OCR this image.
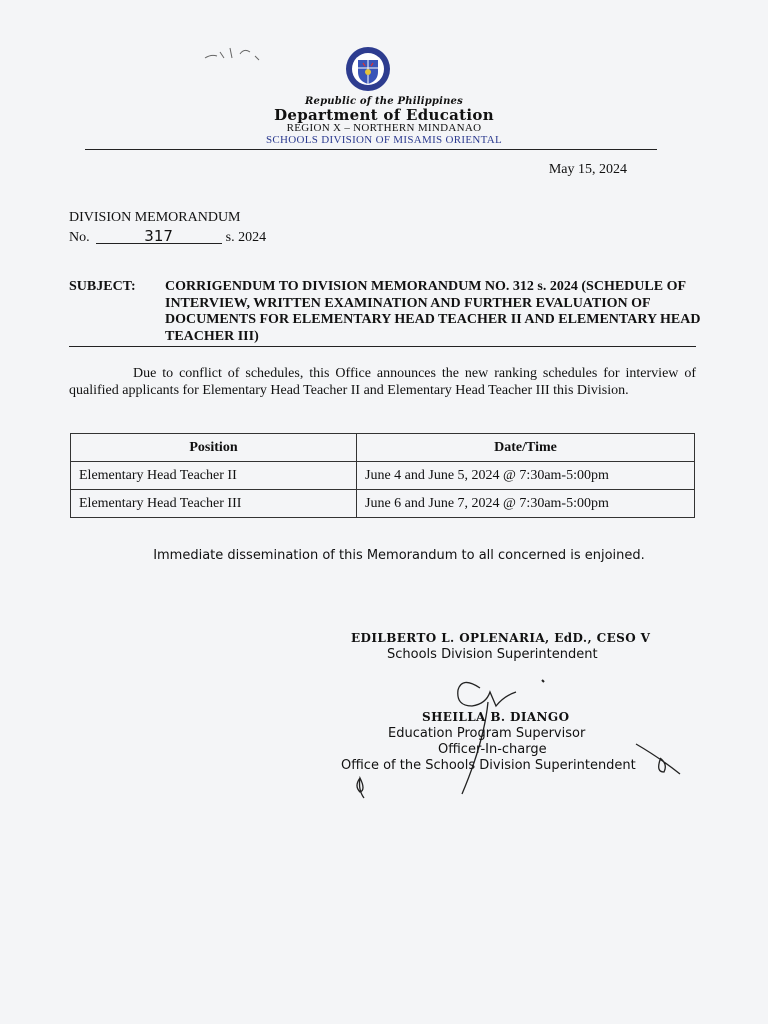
Republic of the Philippines
Department of Education
REGION X – NORTHERN MINDANAO
SCHOOLS DIVISION OF MISAMIS ORIENTAL
May 15, 2024
DIVISION MEMORANDUM
No.	317	s. 2024
SUBJECT: CORRIGENDUM TO DIVISION MEMORANDUM NO. 312 s. 2024 (SCHEDULE OF INTERVIEW, WRITTEN EXAMINATION AND FURTHER EVALUATION OF DOCUMENTS FOR ELEMENTARY HEAD TEACHER II AND ELEMENTARY HEAD TEACHER III)
Due to conflict of schedules, this Office announces the new ranking schedules for interview of qualified applicants for Elementary Head Teacher II and Elementary Head Teacher III this Division.
Position	Date/Time
Elementary Head Teacher II	June 4 and June 5, 2024 @ 7:30am-5:00pm
Elementary Head Teacher III	June 6 and June 7, 2024 @ 7:30am-5:00pm
Immediate dissemination of this Memorandum to all concerned is enjoined.
EDILBERTO L. OPLENARIA, EdD., CESO V
Schools Division Superintendent
SHEILLA B. DIANGO
Education Program Supervisor
Officer-In-charge
Office of the Schools Division Superintendent
